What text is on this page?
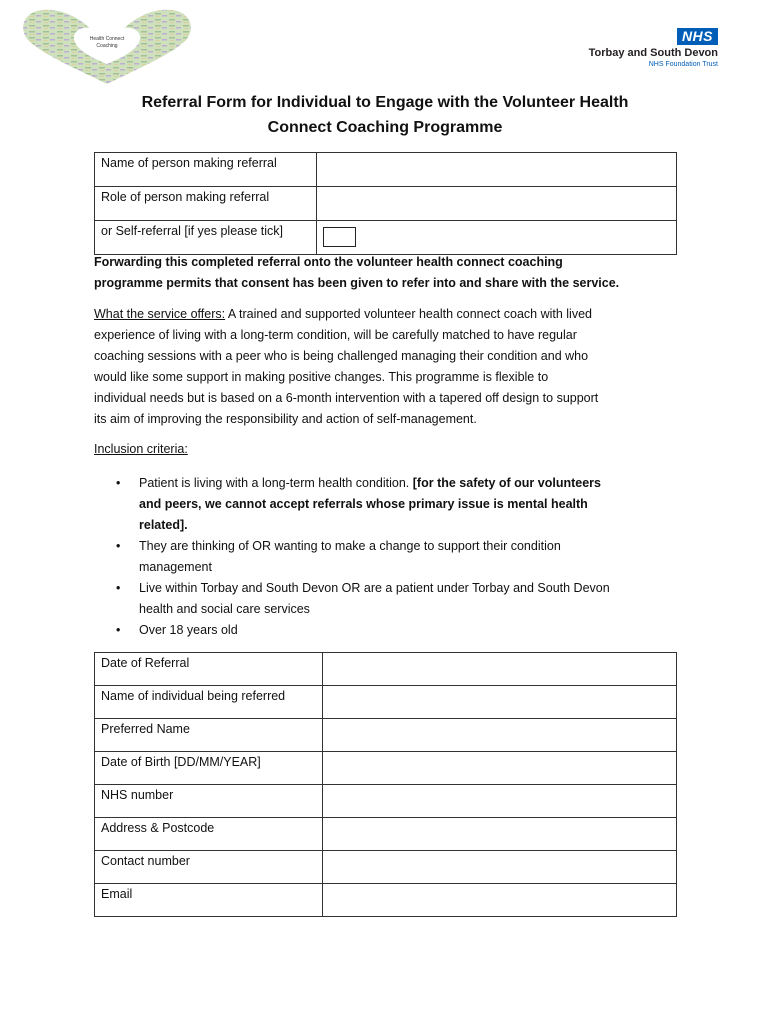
Health Connect
Coaching
NHS
Torbay and South Devon
NHS Foundation Trust
Referral Form for Individual to Engage with the Volunteer Health
Connect Coaching Programme
Name of person making referral	
Role of person making referral	
or Self-referral [if yes please tick]	
Forwarding this completed referral onto the volunteer health connect coaching
programme permits that consent has been given to refer into and share with the service.
What the service offers: A trained and supported volunteer health connect coach with lived
experience of living with a long-term condition, will be carefully matched to have regular
coaching sessions with a peer who is being challenged managing their condition and who
would like some support in making positive changes. This programme is flexible to
individual needs but is based on a 6-month intervention with a tapered off design to support
its aim of improving the responsibility and action of self-management.
Inclusion criteria:
• Patient is living with a long-term health condition. [for the safety of our volunteers
and peers, we cannot accept referrals whose primary issue is mental health
related].
• They are thinking of OR wanting to make a change to support their condition
management
• Live within Torbay and South Devon OR are a patient under Torbay and South Devon
health and social care services
• Over 18 years old
Date of Referral	
Name of individual being referred	
Preferred Name	
Date of Birth [DD/MM/YEAR]	
NHS number	
Address & Postcode	
Contact number	
Email	
